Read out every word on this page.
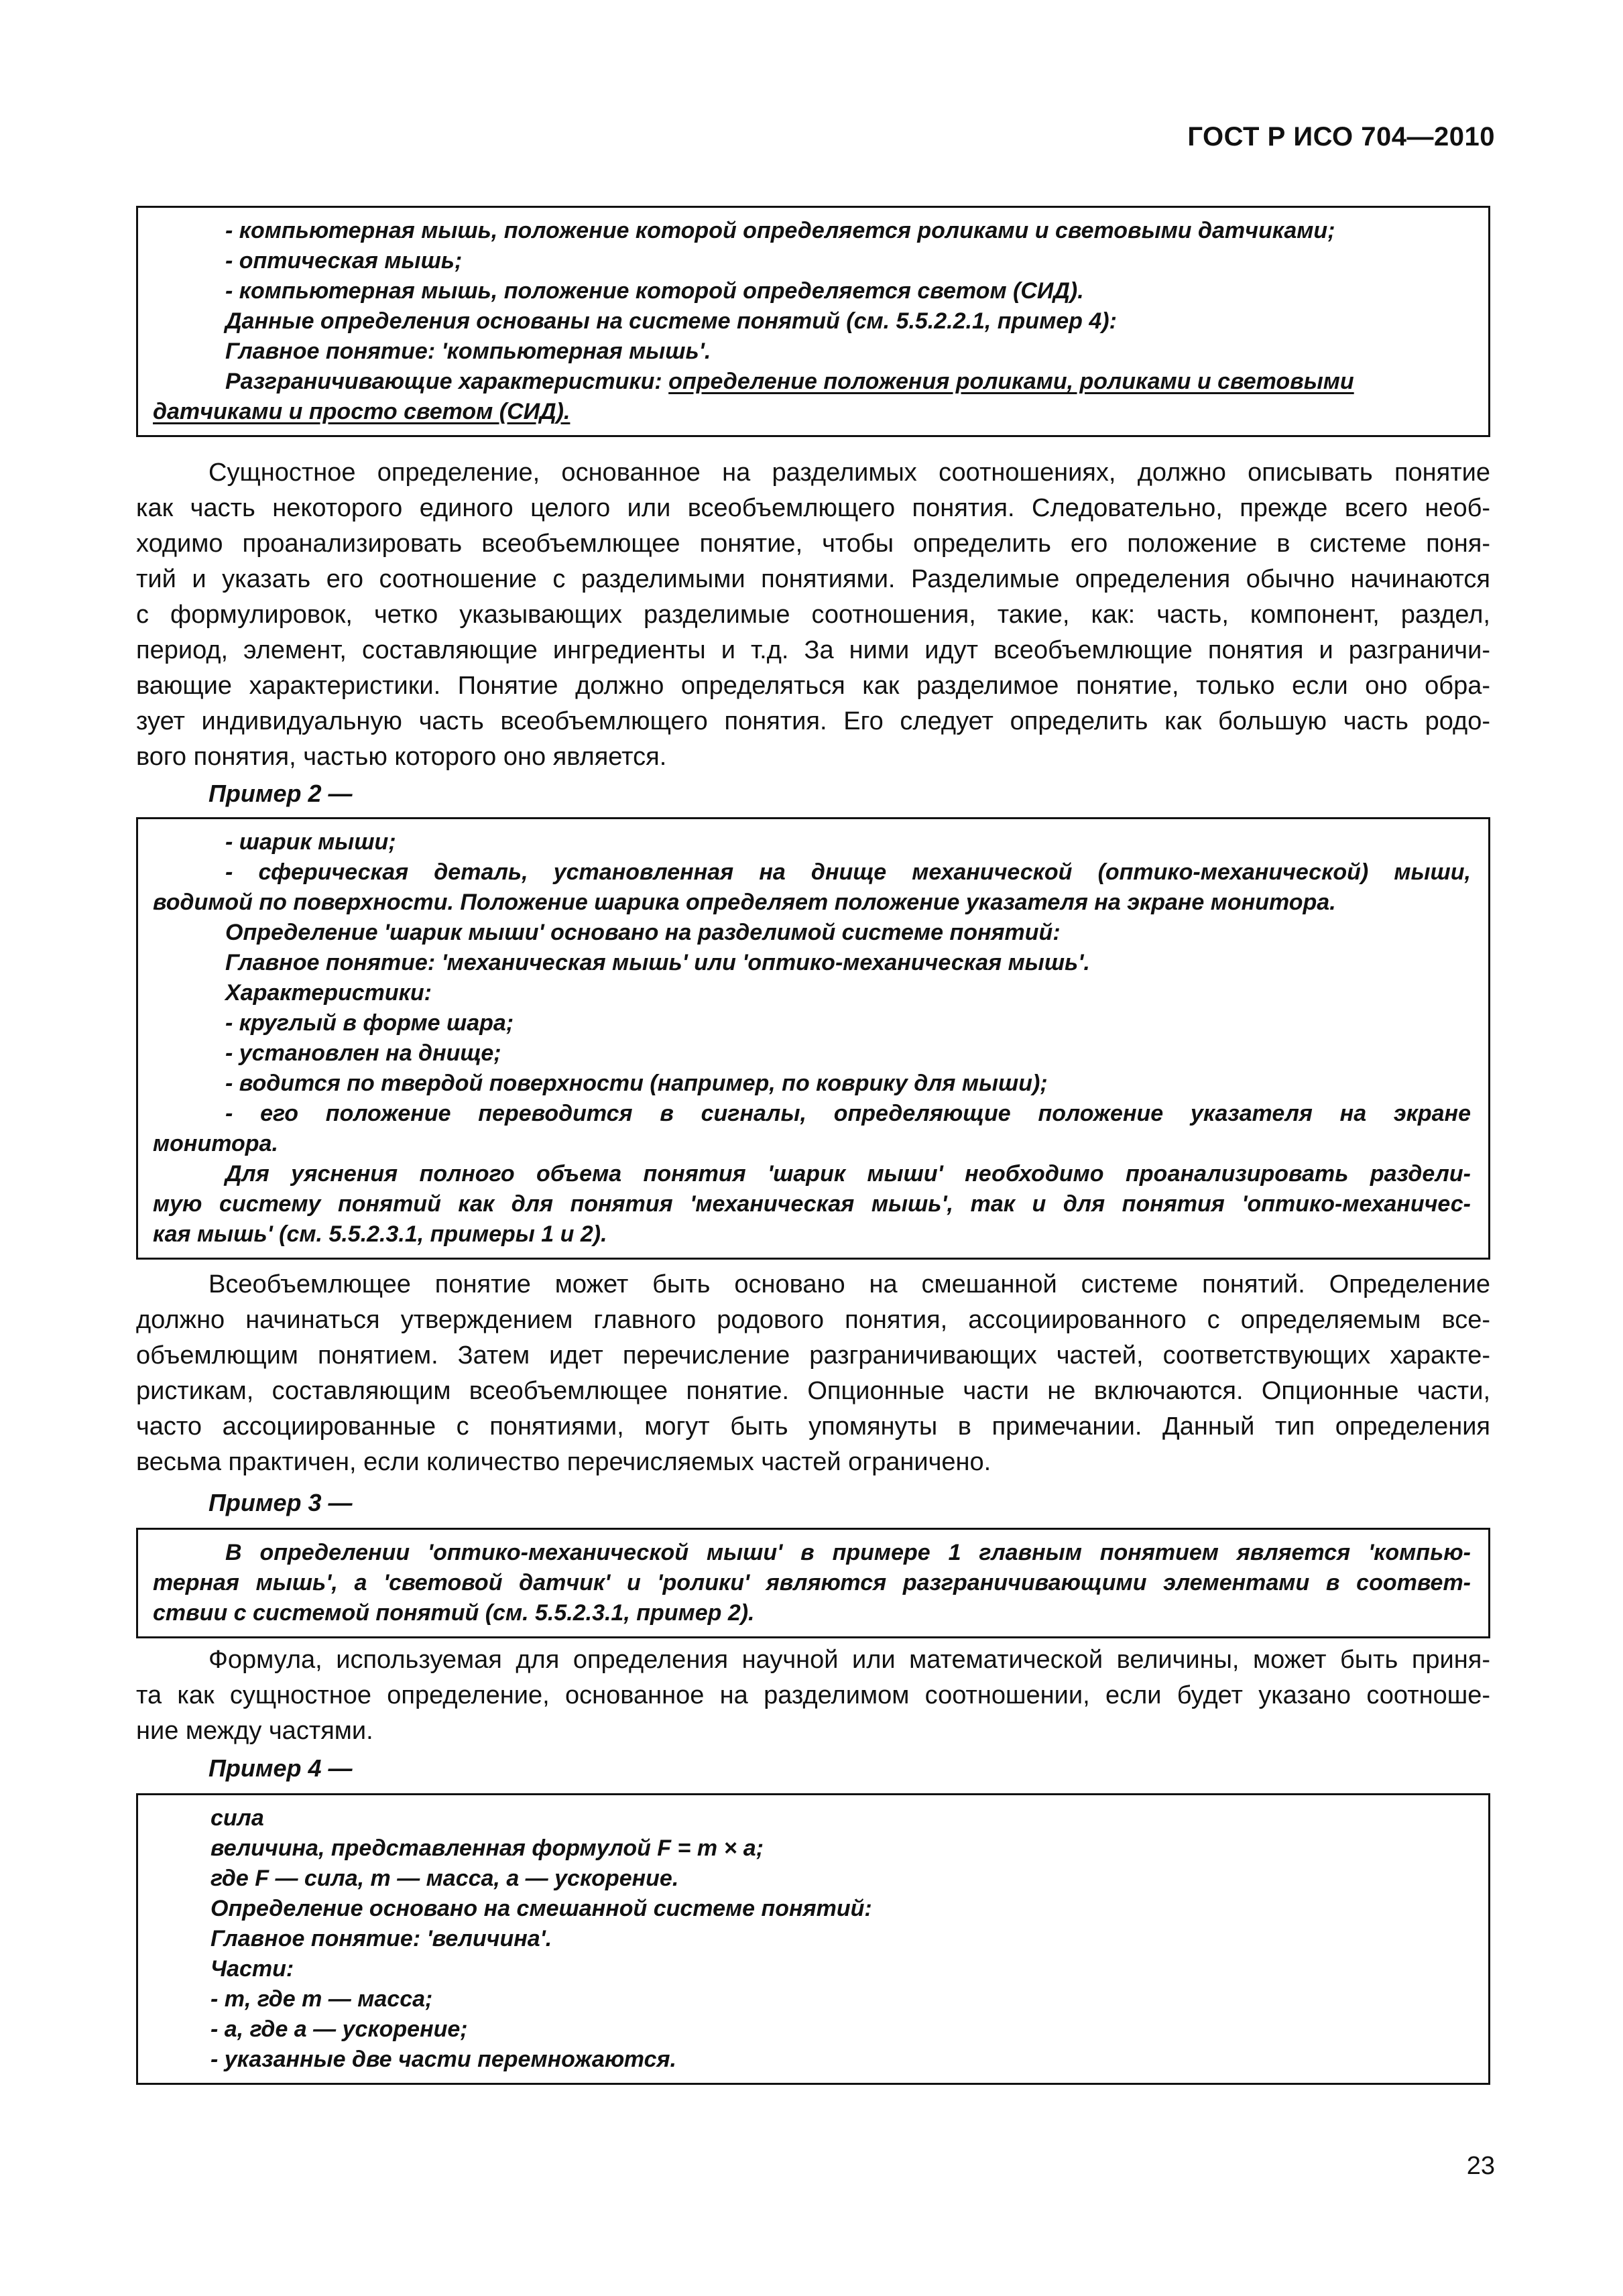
ГОСТ Р ИСО 704—2010
- компьютерная мышь, положение которой определяется роликами и световыми датчиками;
- оптическая мышь;
- компьютерная мышь, положение которой определяется светом (СИД).
Данные определения основаны на системе понятий (см. 5.5.2.2.1, пример 4):
Главное понятие: 'компьютерная мышь'.
Разграничивающие характеристики: определение положения роликами, роликами и световыми
датчиками и просто светом (СИД).
Сущностное определение, основанное на разделимых соотношениях, должно описывать понятие
как часть некоторого единого целого или всеобъемлющего понятия. Следовательно, прежде всего необ-
ходимо проанализировать всеобъемлющее понятие, чтобы определить его положение в системе поня-
тий и указать его соотношение с разделимыми понятиями. Разделимые определения обычно начинаются
с формулировок, четко указывающих разделимые соотношения, такие, как: часть, компонент, раздел,
период, элемент, составляющие ингредиенты и т.д. За ними идут всеобъемлющие понятия и разграничи-
вающие характеристики. Понятие должно определяться как разделимое понятие, только если оно обра-
зует индивидуальную часть всеобъемлющего понятия. Его следует определить как большую часть родо-
вого понятия, частью которого оно является.
Пример 2 —
- шарик мыши;
- сферическая деталь, установленная на днище механической (оптико-механической) мыши,
водимой по поверхности. Положение шарика определяет положение указателя на экране монитора.
Определение 'шарик мыши' основано на разделимой системе понятий:
Главное понятие: 'механическая мышь' или 'оптико-механическая мышь'.
Характеристики:
- круглый в форме шара;
- установлен на днище;
- водится по твердой поверхности (например, по коврику для мыши);
- его положение переводится в сигналы, определяющие положение указателя на экране
монитора.
Для уяснения полного объема понятия 'шарик мыши' необходимо проанализировать раздели-
мую систему понятий как для понятия 'механическая мышь', так и для понятия 'оптико-механичес-
кая мышь' (см. 5.5.2.3.1, примеры 1 и 2).
Всеобъемлющее понятие может быть основано на смешанной системе понятий. Определение
должно начинаться утверждением главного родового понятия, ассоциированного с определяемым все-
объемлющим понятием. Затем идет перечисление разграничивающих частей, соответствующих характе-
ристикам, составляющим всеобъемлющее понятие. Опционные части не включаются. Опционные части,
часто ассоциированные с понятиями, могут быть упомянуты в примечании. Данный тип определения
весьма практичен, если количество перечисляемых частей ограничено.
Пример 3 —
В определении 'оптико-механической мыши' в примере 1 главным понятием является 'компью-
терная мышь', а 'световой датчик' и 'ролики' являются разграничивающими элементами в соответ-
ствии с системой понятий (см. 5.5.2.3.1, пример 2).
Формула, используемая для определения научной или математической величины, может быть приня-
та как сущностное определение, основанное на разделимом соотношении, если будет указано соотноше-
ние между частями.
Пример 4 —
сила
величина, представленная формулой F = m × a;
где F — сила, m — масса, a — ускорение.
Определение основано на смешанной системе понятий:
Главное понятие: 'величина'.
Части:
- m, где m — масса;
- a, где a — ускорение;
- указанные две части перемножаются.
23
